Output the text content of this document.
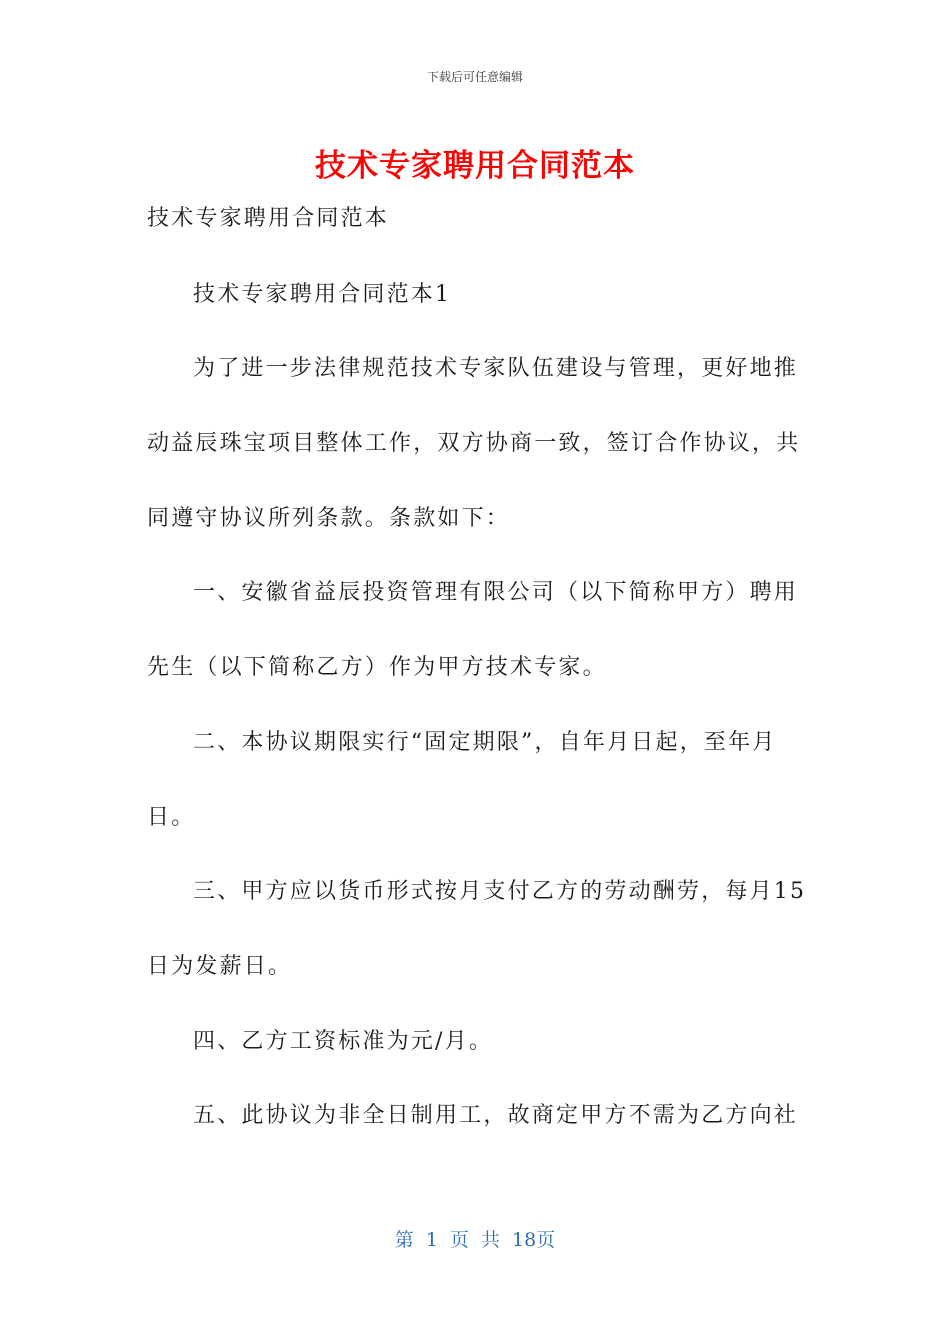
下载后可任意编辑
技术专家聘用合同范本
技术专家聘用合同范本
技术专家聘用合同范本1
为了进一步法律规范技术专家队伍建设与管理，更好地推
动益辰珠宝项目整体工作，双方协商一致，签订合作协议，共
同遵守协议所列条款。条款如下：
一、安徽省益辰投资管理有限公司（以下简称甲方）聘用
先生（以下简称乙方）作为甲方技术专家。
二、本协议期限实行“固定期限”，自年月日起，至年月
日。
三、甲方应以货币形式按月支付乙方的劳动酬劳，每月15
日为发薪日。
四、乙方工资标准为元/月。
五、此协议为非全日制用工，故商定甲方不需为乙方向社
第 1 页 共 18页
